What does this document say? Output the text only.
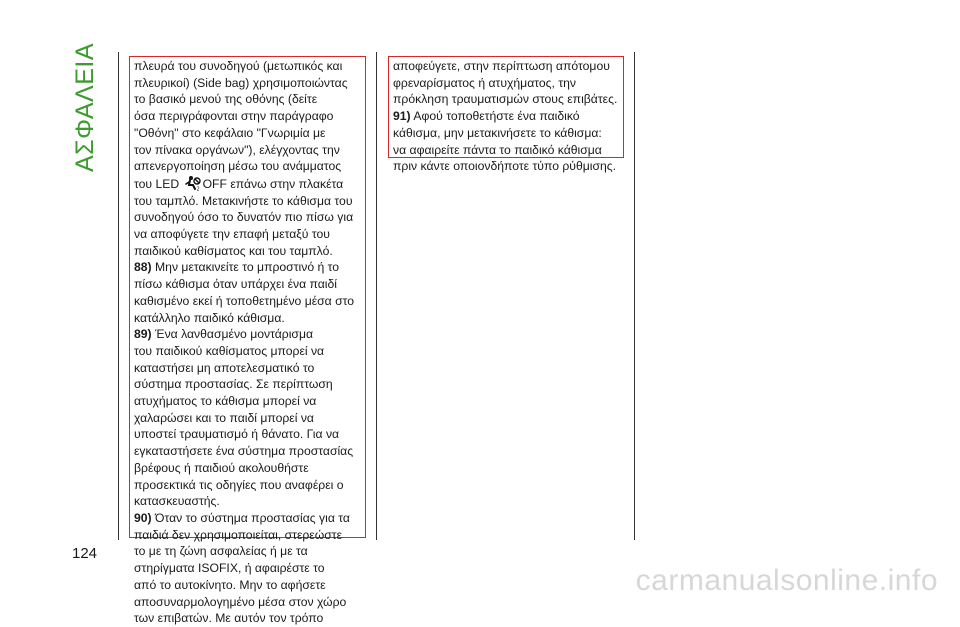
ΑΣΦΑΛΕΙΑ	πλευρά του συνοδηγού (μετωπικός και
πλευρικοί) (Side bag) χρησιμοποιώντας
το βασικό μενού της οθόνης (δείτε
όσα περιγράφονται στην παράγραφο
"Οθόνη" στο κεφάλαιο "Γνωριμία με
τον πίνακα οργάνων"), ελέγχοντας την
απενεργοποίηση μέσω του ανάμματος
του LED	2 OFF επάνω στην πλακέτα
του ταμπλό. Μετακινήστε το κάθισμα του
συνοδηγού όσο το δυνατόν πιο πίσω για
να αποφύγετε την επαφή μεταξύ του
παιδικού καθίσματος και του ταμπλό.
88) Μην μετακινείτε το μπροστινό ή το
πίσω κάθισμα όταν υπάρχει ένα παιδί
καθισμένο εκεί ή τοποθετημένο μέσα στο
κατάλληλο παιδικό κάθισμα.
89) Ένα λανθασμένο μοντάρισμα
του παιδικού καθίσματος μπορεί να
καταστήσει μη αποτελεσματικό το
σύστημα προστασίας. Σε περίπτωση
ατυχήματος το κάθισμα μπορεί να
χαλαρώσει και το παιδί μπορεί να
υποστεί τραυματισμό ή θάνατο. Για να
εγκαταστήσετε ένα σύστημα προστασίας
βρέφους ή παιδιού ακολουθήστε
προσεκτικά τις οδηγίες που αναφέρει ο
κατασκευαστής.
90) Όταν το σύστημα προστασίας για τα
παιδιά δεν χρησιμοποιείται, στερεώστε
το με τη ζώνη ασφαλείας ή με τα
στηρίγματα ISOFIX, ή αφαιρέστε το
από το αυτοκίνητο. Μην το αφήσετε
αποσυναρμολογημένο μέσα στον χώρο
των επιβατών. Με αυτόν τον τρόπο
αποφεύγετε, στην περίπτωση απότομου
φρεναρίσματος ή ατυχήματος, την
πρόκληση τραυματισμών στους επιβάτες.
91) Αφού τοποθετήστε ένα παιδικό
κάθισμα, μην μετακινήσετε το κάθισμα:
να αφαιρείτε πάντα το παιδικό κάθισμα
πριν κάντε οποιονδήποτε τύπο ρύθμισης.
124
carmanualsonline.info
